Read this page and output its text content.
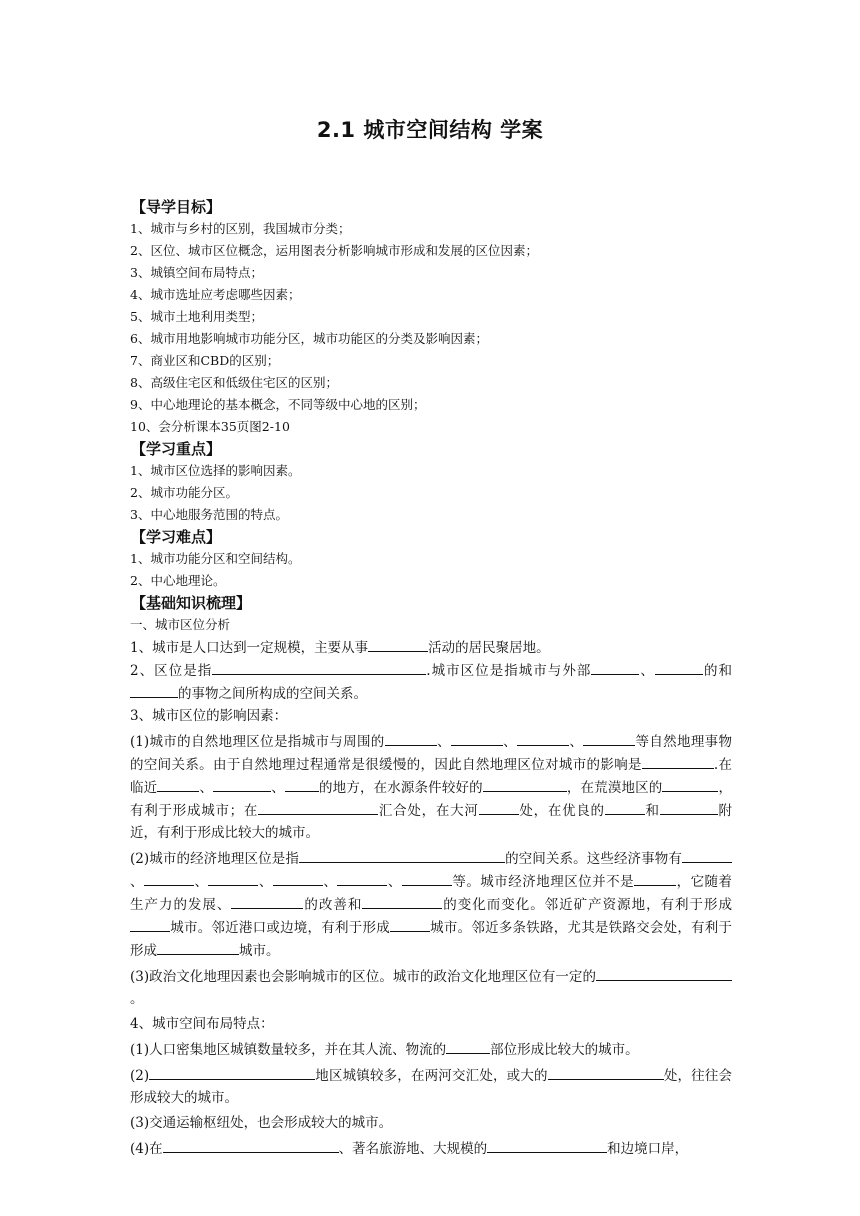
2.1 城市空间结构 学案
【导学目标】
1、城市与乡村的区别，我国城市分类；
2、区位、城市区位概念，运用图表分析影响城市形成和发展的区位因素；
3、城镇空间布局特点；
4、城市选址应考虑哪些因素；
5、城市土地利用类型；
6、城市用地影响城市功能分区，城市功能区的分类及影响因素；
7、商业区和CBD的区别；
8、高级住宅区和低级住宅区的区别；
9、中心地理论的基本概念，不同等级中心地的区别；
10、会分析课本35页图2-10
【学习重点】
1、城市区位选择的影响因素。
2、城市功能分区。
3、中心地服务范围的特点。
【学习难点】
1、城市功能分区和空间结构。
2、中心地理论。
【基础知识梳理】
一、城市区位分析
1、城市是人口达到一定规模，主要从事	活动的居民聚居地。
2、区位是指	.城市区位是指城市与外部	、	的和的事物之间所构成的空间关系。
3、城市区位的影响因素：
(1)城市的自然地理区位是指城市与周围的	、	、	、	等自然地理事物的空间关系。由于自然地理过程通常是很缓慢的，因此自然地理区位对城市的影响是	.在临近	、	、	的地方，在水源条件较好的	，在荒漠地区的	，有利于形成城市；在	汇合处，在大河	处，在优良的	和	附近，有利于形成比较大的城市。
(2)城市的经济地理区位是指	的空间关系。这些经济事物有、	、	、	、	、	等。城市经济地理区位并不是	，它随着生产力的发展、	的改善和	的变化而变化。邻近矿产资源地，有利于形成城市。邻近港口或边境，有利于形成	城市。邻近多条铁路，尤其是铁路交会处，有利于形成	城市。
(3)政治文化地理因素也会影响城市的区位。城市的政治文化地理区位有一定的。
4、城市空间布局特点：
(1)人口密集地区城镇数量较多，并在其人流、物流的	部位形成比较大的城市。
(2)	地区城镇较多，在两河交汇处，或大的	处，往往会形成较大的城市。
(3)交通运输枢纽处，也会形成较大的城市。
(4)在	、著名旅游地、大规模的	和边境口岸，
